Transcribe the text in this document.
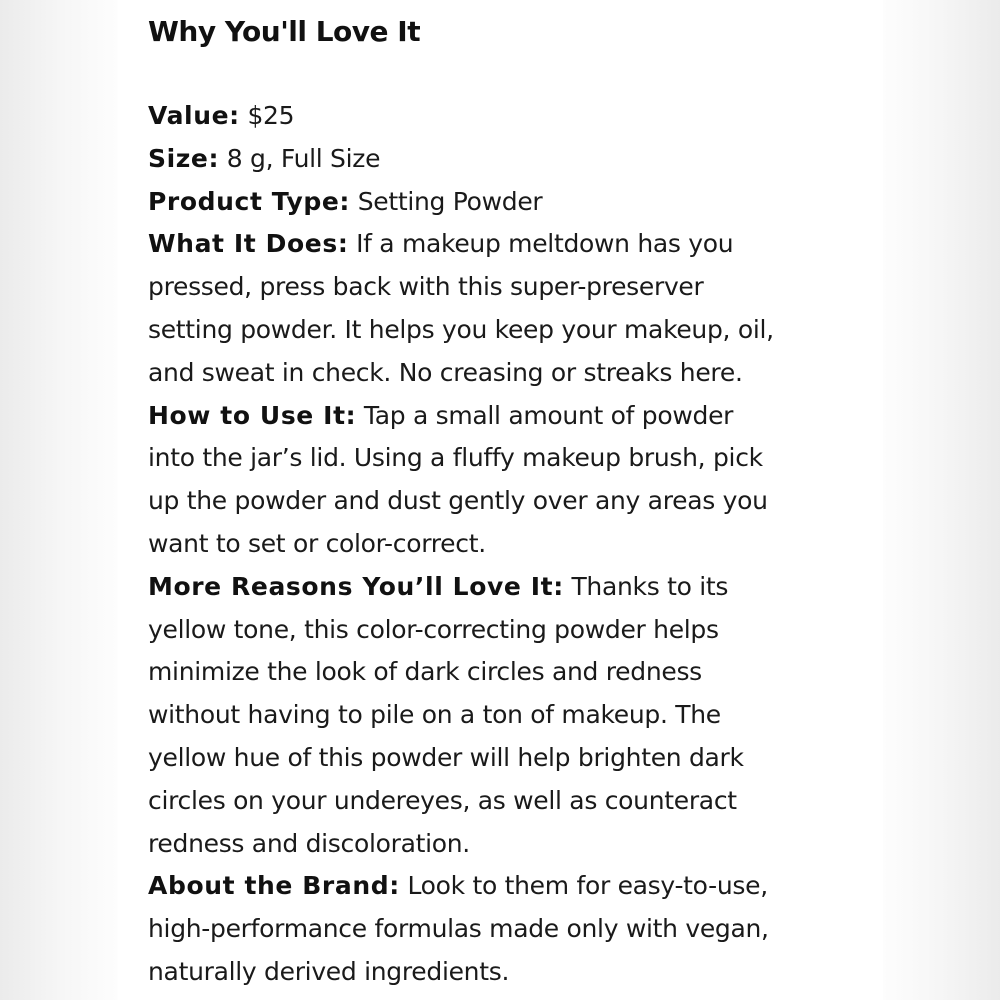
Why You'll Love It

Value: $25

Size: 8 g, Full Size

Product Type: Setting Powder

What It Does: If a makeup meltdown has you
pressed, press back with this super-preserver
setting powder. It helps you keep your makeup, oil,
and sweat in check. No creasing or streaks here.

How to Use It: Tap a small amount of powder
into the jar’s lid. Using a fluffy makeup brush, pick
up the powder and dust gently over any areas you
want to set or color-correct.

More Reasons You’ll Love It: Thanks to its
yellow tone, this color-correcting powder helps
minimize the look of dark circles and redness
without having to pile on a ton of makeup. The
yellow hue of this powder will help brighten dark
circles on your undereyes, as well as counteract
redness and discoloration.

About the Brand: Look to them for easy-to-use,
high-performance formulas made only with vegan,
naturally derived ingredients.
